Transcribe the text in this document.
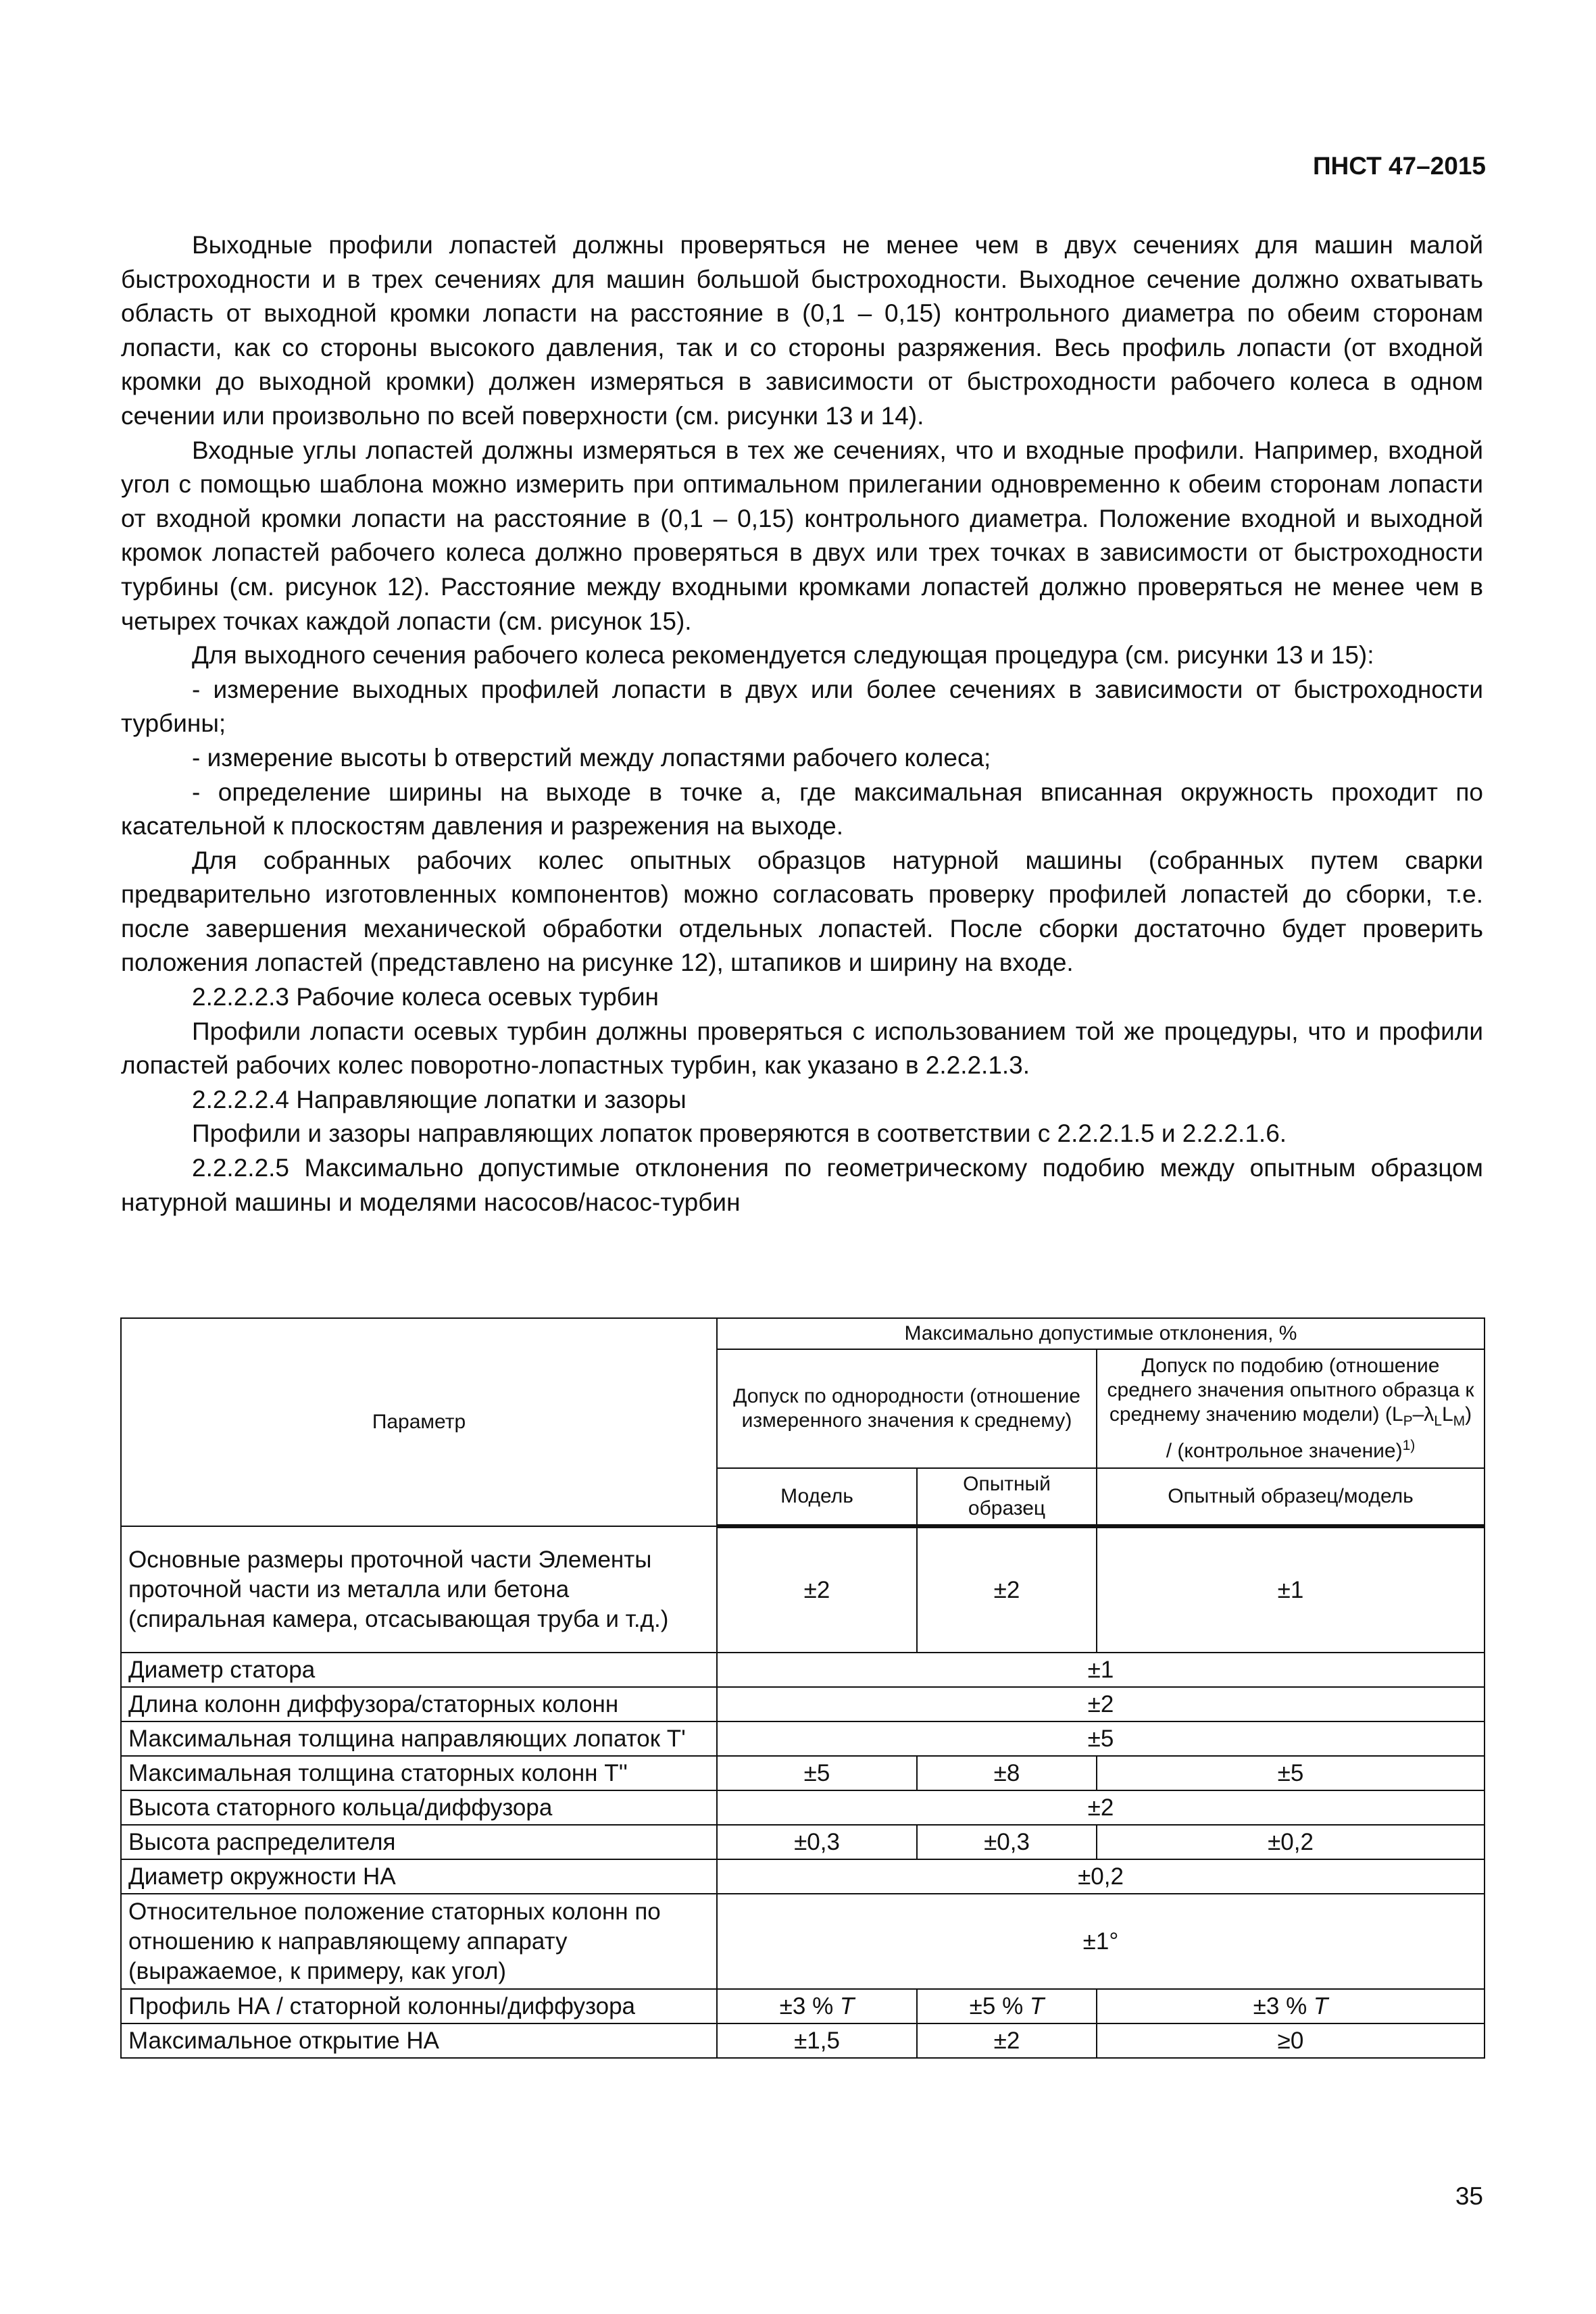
ПНСТ 47–2015

Выходные профили лопастей должны проверяться не менее чем в двух сечениях для машин малой быстроходности и в трех сечениях для машин большой быстроходности. Выходное сечение должно охватывать область от выходной кромки лопасти на расстояние в (0,1 – 0,15) контрольного диаметра по обеим сторонам лопасти, как со стороны высокого давления, так и со стороны разряжения. Весь профиль лопасти (от входной кромки до выходной кромки) должен измеряться в зависимости от быстроходности рабочего колеса в одном сечении или произвольно по всей поверхности (см. рисунки 13 и 14).

Входные углы лопастей должны измеряться в тех же сечениях, что и входные профили. Например, входной угол с помощью шаблона можно измерить при оптимальном прилегании одновременно к обеим сторонам лопасти от входной кромки лопасти на расстояние в (0,1 – 0,15) контрольного диаметра. Положение входной и выходной кромок лопастей рабочего колеса должно проверяться в двух или трех точках в зависимости от быстроходности турбины (см. рисунок 12). Расстояние между входными кромками лопастей должно проверяться не менее чем в четырех точках каждой лопасти (см. рисунок 15).

Для выходного сечения рабочего колеса рекомендуется следующая процедура (см. рисунки 13 и 15):

- измерение выходных профилей лопасти в двух или более сечениях в зависимости от быстроходности турбины;

- измерение высоты b отверстий между лопастями рабочего колеса;

- определение ширины на выходе в точке a, где максимальная вписанная окружность проходит по касательной к плоскостям давления и разрежения на выходе.

Для собранных рабочих колес опытных образцов натурной машины (собранных путем сварки предварительно изготовленных компонентов) можно согласовать проверку профилей лопастей до сборки, т.е. после завершения механической обработки отдельных лопастей. После сборки достаточно будет проверить положения лопастей (представлено на рисунке 12), штапиков и ширину на входе.

2.2.2.2.3 Рабочие колеса осевых турбин

Профили лопасти осевых турбин должны проверяться с использованием той же процедуры, что и профили лопастей рабочих колес поворотно-лопастных турбин, как указано в 2.2.2.1.3.

2.2.2.2.4 Направляющие лопатки и зазоры

Профили и зазоры направляющих лопаток проверяются в соответствии с 2.2.2.1.5 и 2.2.2.1.6.

2.2.2.2.5 Максимально допустимые отклонения по геометрическому подобию между опытным образцом натурной машины и моделями насосов/насос-турбин

Параметр	Максимально допустимые отклонения, %		
	Допуск по однородности (отношение измеренного значения к среднему)		Допуск по подобию (отношение среднего значения опытного образца к среднему значению модели) $(L_P-\lambda_LL_M)$ / (контрольное значение)$^{1)}$
	Модель	Опытный образец	Опытный образец/модель
Основные размеры проточной части Элементы проточной части из металла или бетона (спиральная камера, отсасывающая труба и т.д.)	±2	±2	±1
Диаметр статора	±1		
Длина колонн диффузора/статорных колонн	±2		
Максимальная толщина направляющих лопаток T'	±5		
Максимальная толщина статорных колонн T''	±5	±8	±5
Высота статорного кольца/диффузора	±2		
Высота распределителя	±0,3	±0,3	±0,2
Диаметр окружности НА	±0,2		
Относительное положение статорных колонн по отношению к направляющему аппарату (выражаемое, к примеру, как угол)	±1°		
Профиль НА / статорной колонны/диффузора	±3 % T	±5 % T	±3 % T
Максимальное открытие НА	±1,5	±2	≥0
35
